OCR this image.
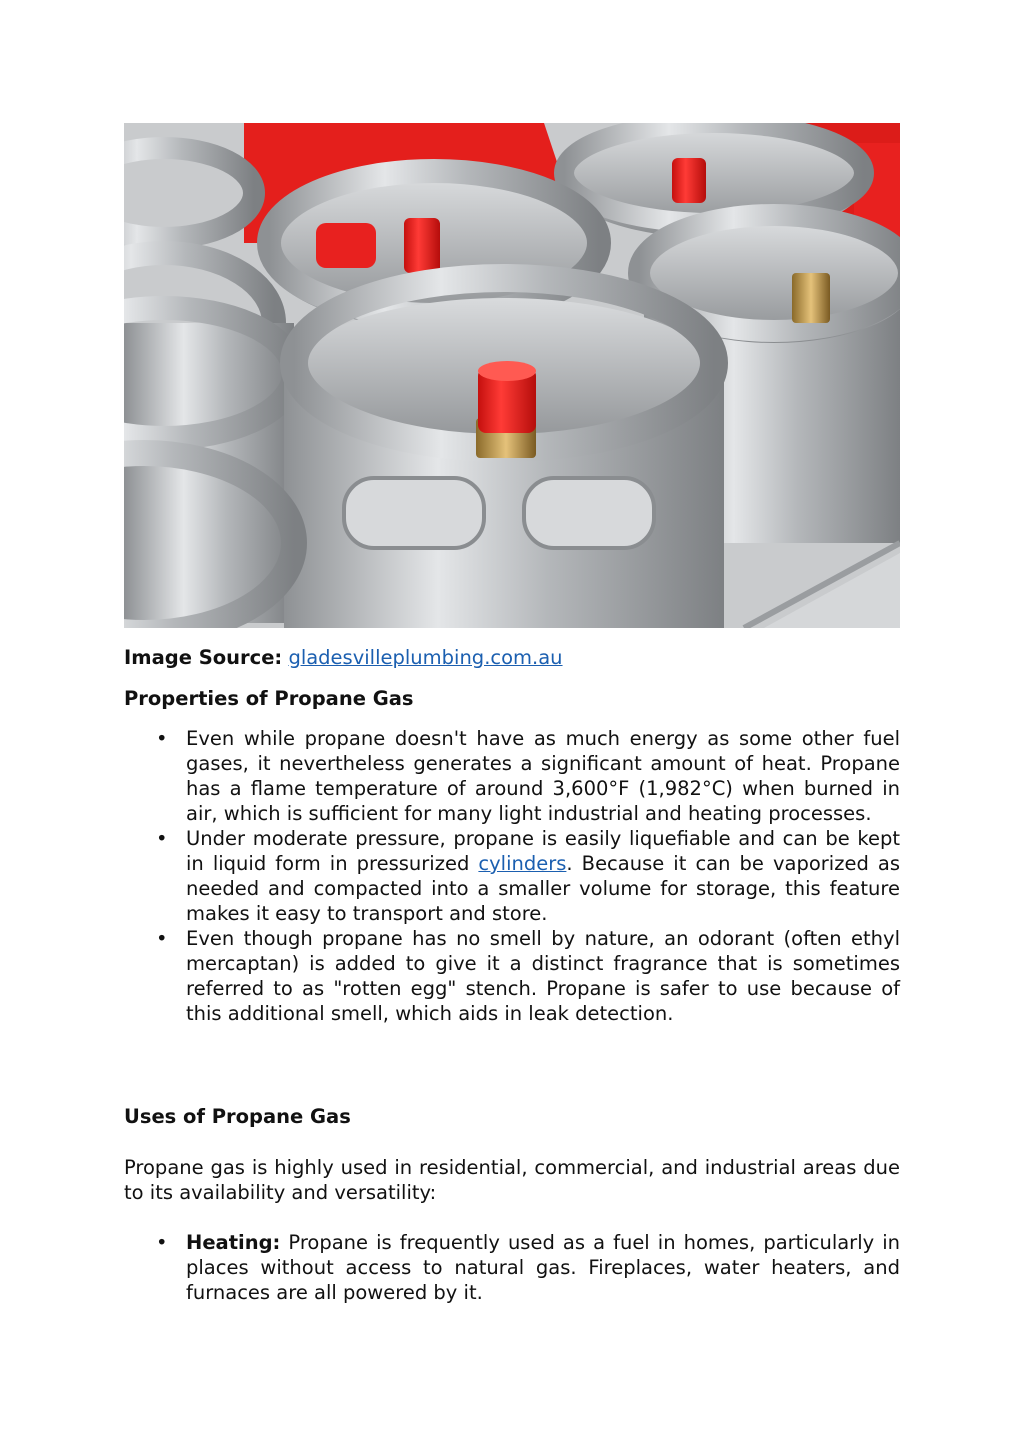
Image Source: gladesvilleplumbing.com.au

Properties of Propane Gas

• Even while propane doesn't have as much energy as some other fuel gases, it nevertheless generates a significant amount of heat. Propane has a flame temperature of around 3,600°F (1,982°C) when burned in air, which is sufficient for many light industrial and heating processes.
• Under moderate pressure, propane is easily liquefiable and can be kept in liquid form in pressurized cylinders. Because it can be vaporized as needed and compacted into a smaller volume for storage, this feature makes it easy to transport and store.
• Even though propane has no smell by nature, an odorant (often ethyl mercaptan) is added to give it a distinct fragrance that is sometimes referred to as "rotten egg" stench. Propane is safer to use because of this additional smell, which aids in leak detection.

Uses of Propane Gas

Propane gas is highly used in residential, commercial, and industrial areas due to its availability and versatility:

• Heating: Propane is frequently used as a fuel in homes, particularly in places without access to natural gas. Fireplaces, water heaters, and furnaces are all powered by it.
